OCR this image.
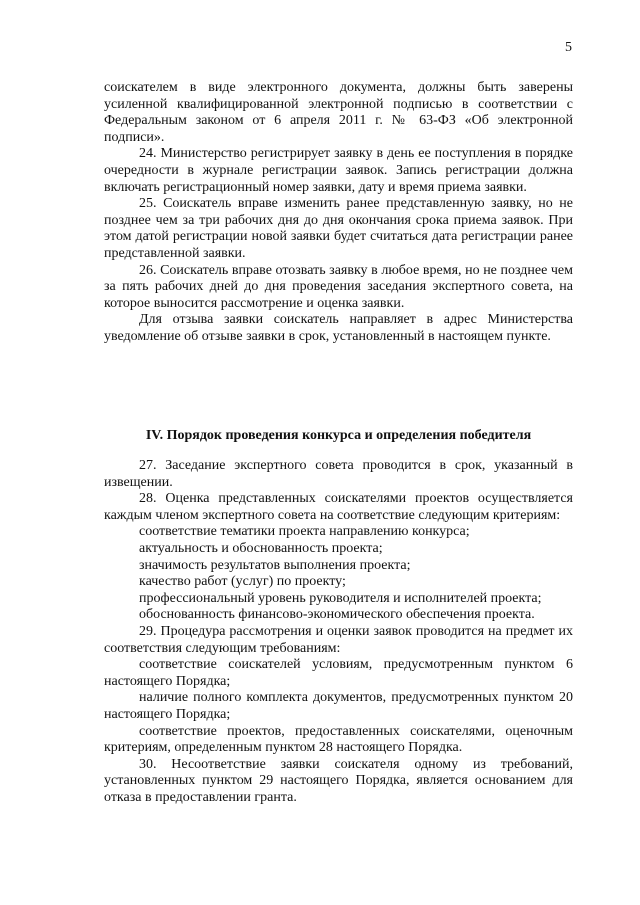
5

соискателем в виде электронного документа, должны быть заверены усиленной квалифицированной электронной подписью в соответствии с Федеральным законом от 6 апреля 2011 г. № 63-ФЗ «Об электронной подписи».

24. Министерство регистрирует заявку в день ее поступления в порядке очередности в журнале регистрации заявок. Запись регистрации должна включать регистрационный номер заявки, дату и время приема заявки.

25. Соискатель вправе изменить ранее представленную заявку, но не позднее чем за три рабочих дня до дня окончания срока приема заявок. При этом датой регистрации новой заявки будет считаться дата регистрации ранее представленной заявки.

26. Соискатель вправе отозвать заявку в любое время, но не позднее чем за пять рабочих дней до дня проведения заседания экспертного совета, на которое выносится рассмотрение и оценка заявки.

Для отзыва заявки соискатель направляет в адрес Министерства уведомление об отзыве заявки в срок, установленный в настоящем пункте.

IV. Порядок проведения конкурса и определения победителя

27. Заседание экспертного совета проводится в срок, указанный в извещении.

28. Оценка представленных соискателями проектов осуществляется каждым членом экспертного совета на соответствие следующим критериям:

соответствие тематики проекта направлению конкурса;

актуальность и обоснованность проекта;

значимость результатов выполнения проекта;

качество работ (услуг) по проекту;

профессиональный уровень руководителя и исполнителей проекта;

обоснованность финансово-экономического обеспечения проекта.

29. Процедура рассмотрения и оценки заявок проводится на предмет их соответствия следующим требованиям:

соответствие соискателей условиям, предусмотренным пунктом 6 настоящего Порядка;

наличие полного комплекта документов, предусмотренных пунктом 20 настоящего Порядка;

соответствие проектов, предоставленных соискателями, оценочным критериям, определенным пунктом 28 настоящего Порядка.

30. Несоответствие заявки соискателя одному из требований, установленных пунктом 29 настоящего Порядка, является основанием для отказа в предоставлении гранта.
